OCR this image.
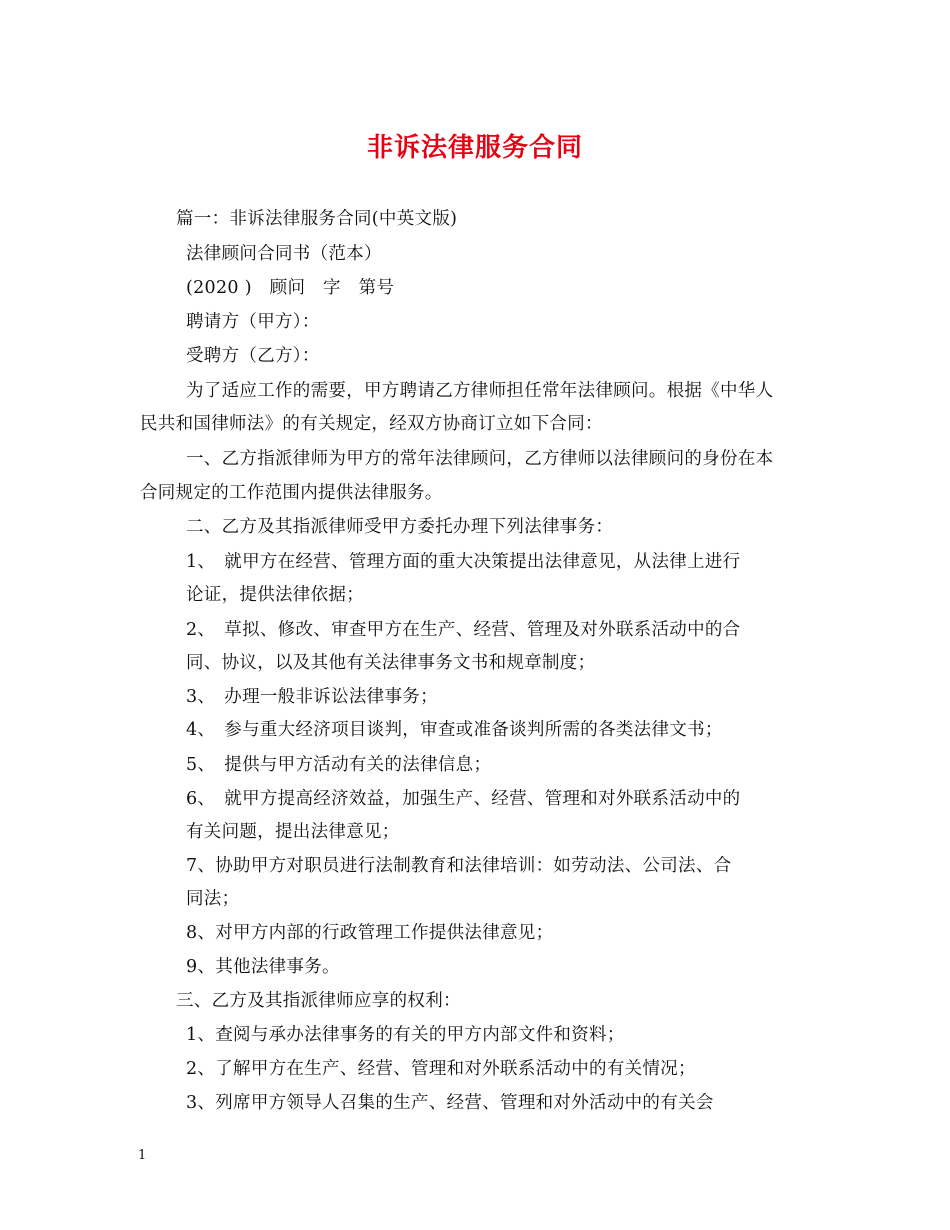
非诉法律服务合同
篇一：非诉法律服务合同(中英文版)
法律顾问合同书（范本）
(2020 )　顾问　字　第号
聘请方（甲方）：
受聘方（乙方）：
为了适应工作的需要，甲方聘请乙方律师担任常年法律顾问。根据《中华人
民共和国律师法》的有关规定，经双方协商订立如下合同：
一、乙方指派律师为甲方的常年法律顾问，乙方律师以法律顾问的身份在本
合同规定的工作范围内提供法律服务。
二、乙方及其指派律师受甲方委托办理下列法律事务：
1、　就甲方在经营、管理方面的重大决策提出法律意见，从法律上进行
论证，提供法律依据；
2、　草拟、修改、审查甲方在生产、经营、管理及对外联系活动中的合
同、协议，以及其他有关法律事务文书和规章制度；
3、　办理一般非诉讼法律事务；
4、　参与重大经济项目谈判，审查或准备谈判所需的各类法律文书；
5、　提供与甲方活动有关的法律信息；
6、　就甲方提高经济效益，加强生产、经营、管理和对外联系活动中的
有关问题，提出法律意见；
7、协助甲方对职员进行法制教育和法律培训：如劳动法、公司法、合
同法；
8、对甲方内部的行政管理工作提供法律意见；
9、其他法律事务。
三、乙方及其指派律师应享的权利：
1、查阅与承办法律事务的有关的甲方内部文件和资料；
2、了解甲方在生产、经营、管理和对外联系活动中的有关情况；
3、列席甲方领导人召集的生产、经营、管理和对外活动中的有关会
1
